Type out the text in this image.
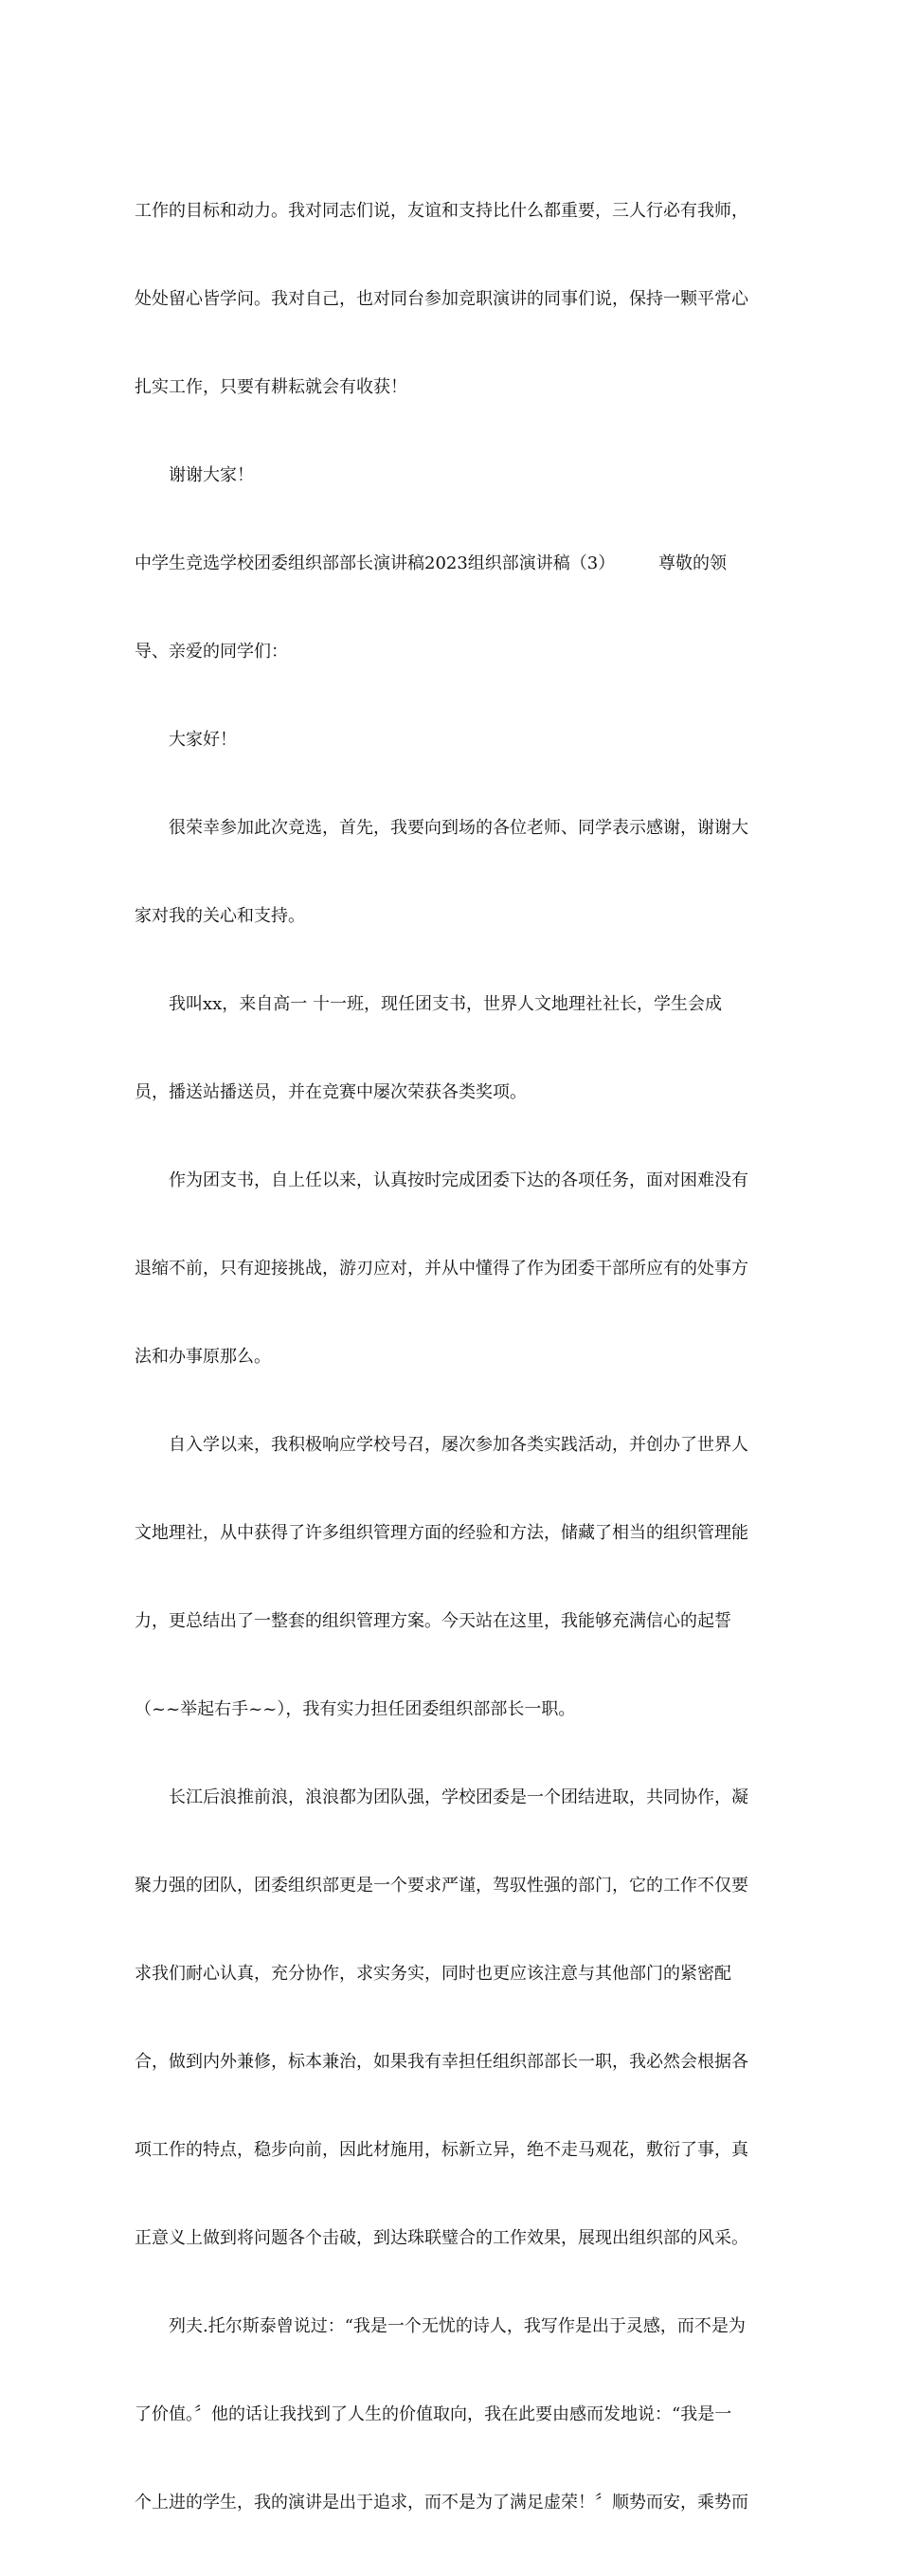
工作的目标和动力。我对同志们说，友谊和支持比什么都重要，三人行必有我师，

处处留心皆学问。我对自己，也对同台参加竞职演讲的同事们说，保持一颗平常心

扎实工作，只要有耕耘就会有收获！

谢谢大家！

中学生竞选学校团委组织部部长演讲稿2023组织部演讲稿（3）        尊敬的领

导、亲爱的同学们：

大家好！

很荣幸参加此次竞选，首先，我要向到场的各位老师、同学表示感谢，谢谢大

家对我的关心和支持。

我叫xx，来自高一 十一班，现任团支书，世界人文地理社社长，学生会成

员，播送站播送员，并在竞赛中屡次荣获各类奖项。

作为团支书，自上任以来，认真按时完成团委下达的各项任务，面对困难没有

退缩不前，只有迎接挑战，游刃应对，并从中懂得了作为团委干部所应有的处事方

法和办事原那么。

自入学以来，我积极响应学校号召，屡次参加各类实践活动，并创办了世界人

文地理社，从中获得了许多组织管理方面的经验和方法，储藏了相当的组织管理能

力，更总结出了一整套的组织管理方案。今天站在这里，我能够充满信心的起誓

（~~举起右手~~），我有实力担任团委组织部部长一职。

长江后浪推前浪，浪浪都为团队强，学校团委是一个团结进取，共同协作，凝

聚力强的团队，团委组织部更是一个要求严谨，驾驭性强的部门，它的工作不仅要

求我们耐心认真，充分协作，求实务实，同时也更应该注意与其他部门的紧密配

合，做到内外兼修，标本兼治，如果我有幸担任组织部部长一职，我必然会根据各

项工作的特点，稳步向前，因此材施用，标新立异，绝不走马观花，敷衍了事，真

正意义上做到将问题各个击破，到达珠联璧合的工作效果，展现出组织部的风采。

列夫.托尔斯泰曾说过：“我是一个无忧的诗人，我写作是出于灵感，而不是为

了价值。〞他的话让我找到了人生的价值取向，我在此要由感而发地说：“我是一

个上进的学生，我的演讲是出于追求，而不是为了满足虚荣！〞顺势而安，乘势而
